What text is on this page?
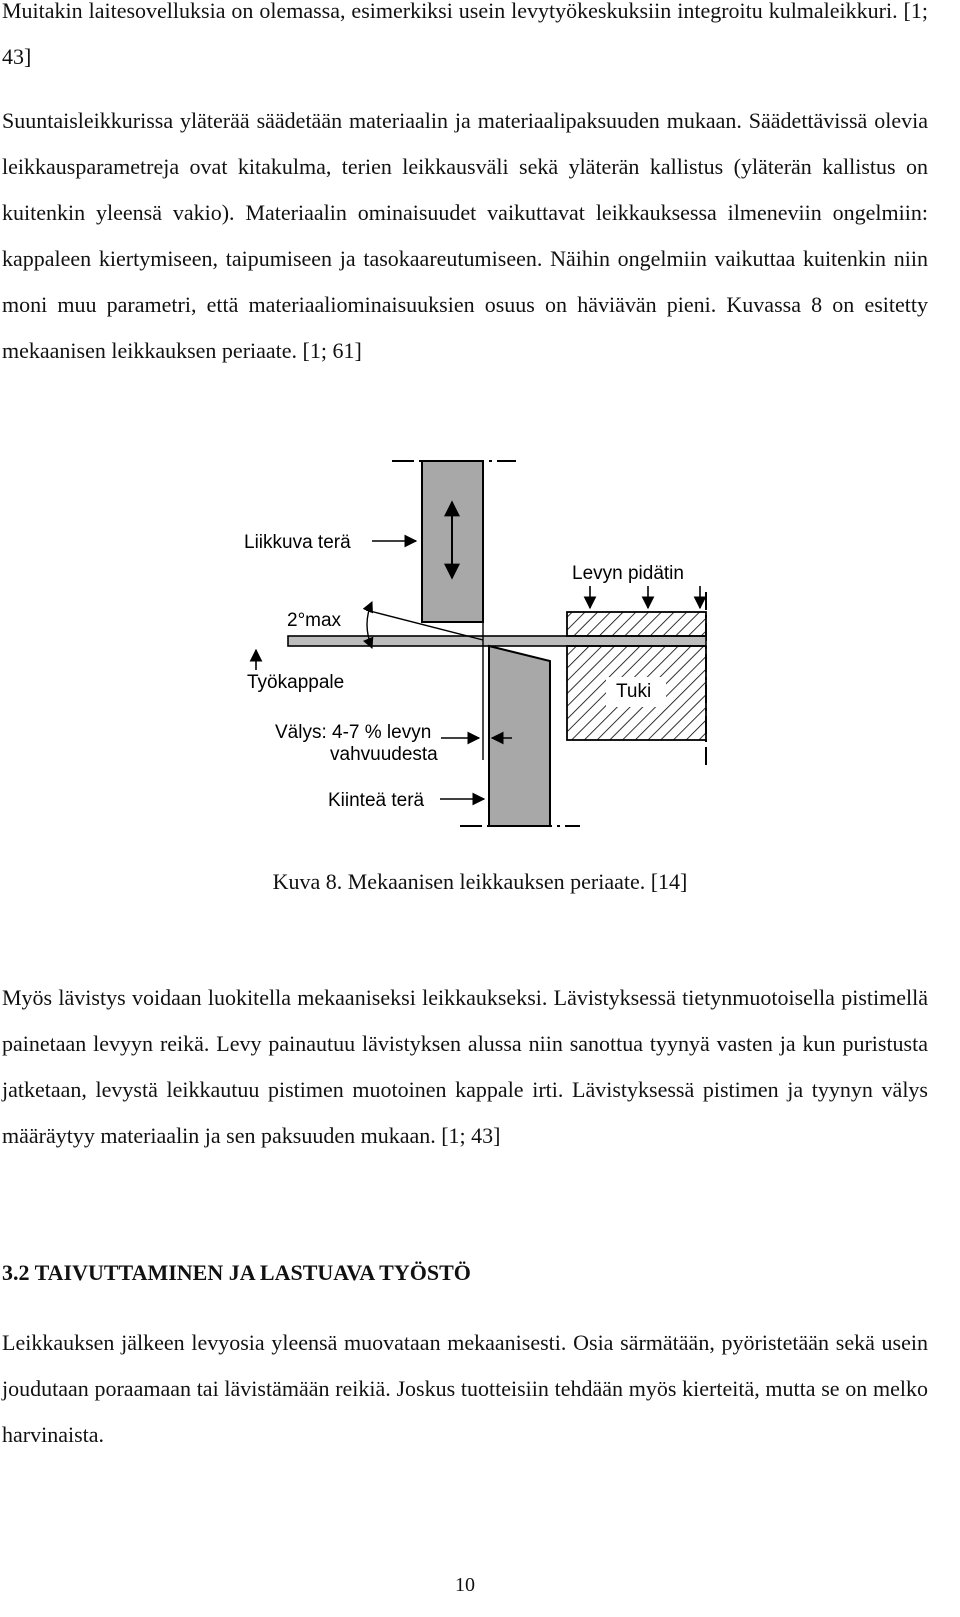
Muitakin laitesovelluksia on olemassa, esimerkiksi usein levytyökeskuksiin integroitu kulmaleikkuri. [1; 43]

Suuntaisleikkurissa yläterää säädetään materiaalin ja materiaalipaksuuden mukaan. Säädettävissä olevia leikkausparametreja ovat kitakulma, terien leikkausväli sekä yläterän kallistus (yläterän kallistus on kuitenkin yleensä vakio). Materiaalin ominaisuudet vaikuttavat leikkauksessa ilmeneviin ongelmiin: kappaleen kiertymiseen, taipumiseen ja tasokaareutumiseen. Näihin ongelmiin vaikuttaa kuitenkin niin moni muu parametri, että materiaaliominaisuuksien osuus on häviävän pieni. Kuvassa 8 on esitetty mekaanisen leikkauksen periaate. [1; 61]

Liikkuva terä
Levyn pidätin
2°max
Työkappale	Tuki
Välys: 4-7 % levyn
vahvuudesta
Kiinteä terä
Kuva 8. Mekaanisen leikkauksen periaate. [14]

Myös lävistys voidaan luokitella mekaaniseksi leikkaukseksi. Lävistyksessä tietynmuotoisella pistimellä painetaan levyyn reikä. Levy painautuu lävistyksen alussa niin sanottua tyynyä vasten ja kun puristusta jatketaan, levystä leikkautuu pistimen muotoinen kappale irti. Lävistyksessä pistimen ja tyynyn välys määräytyy materiaalin ja sen paksuuden mukaan. [1; 43]

3.2 TAIVUTTAMINEN JA LASTUAVA TYÖSTÖ

Leikkauksen jälkeen levyosia yleensä muovataan mekaanisesti. Osia särmätään, pyöristetään sekä usein joudutaan poraamaan tai lävistämään reikiä. Joskus tuotteisiin tehdään myös kierteitä, mutta se on melko harvinaista.

10
